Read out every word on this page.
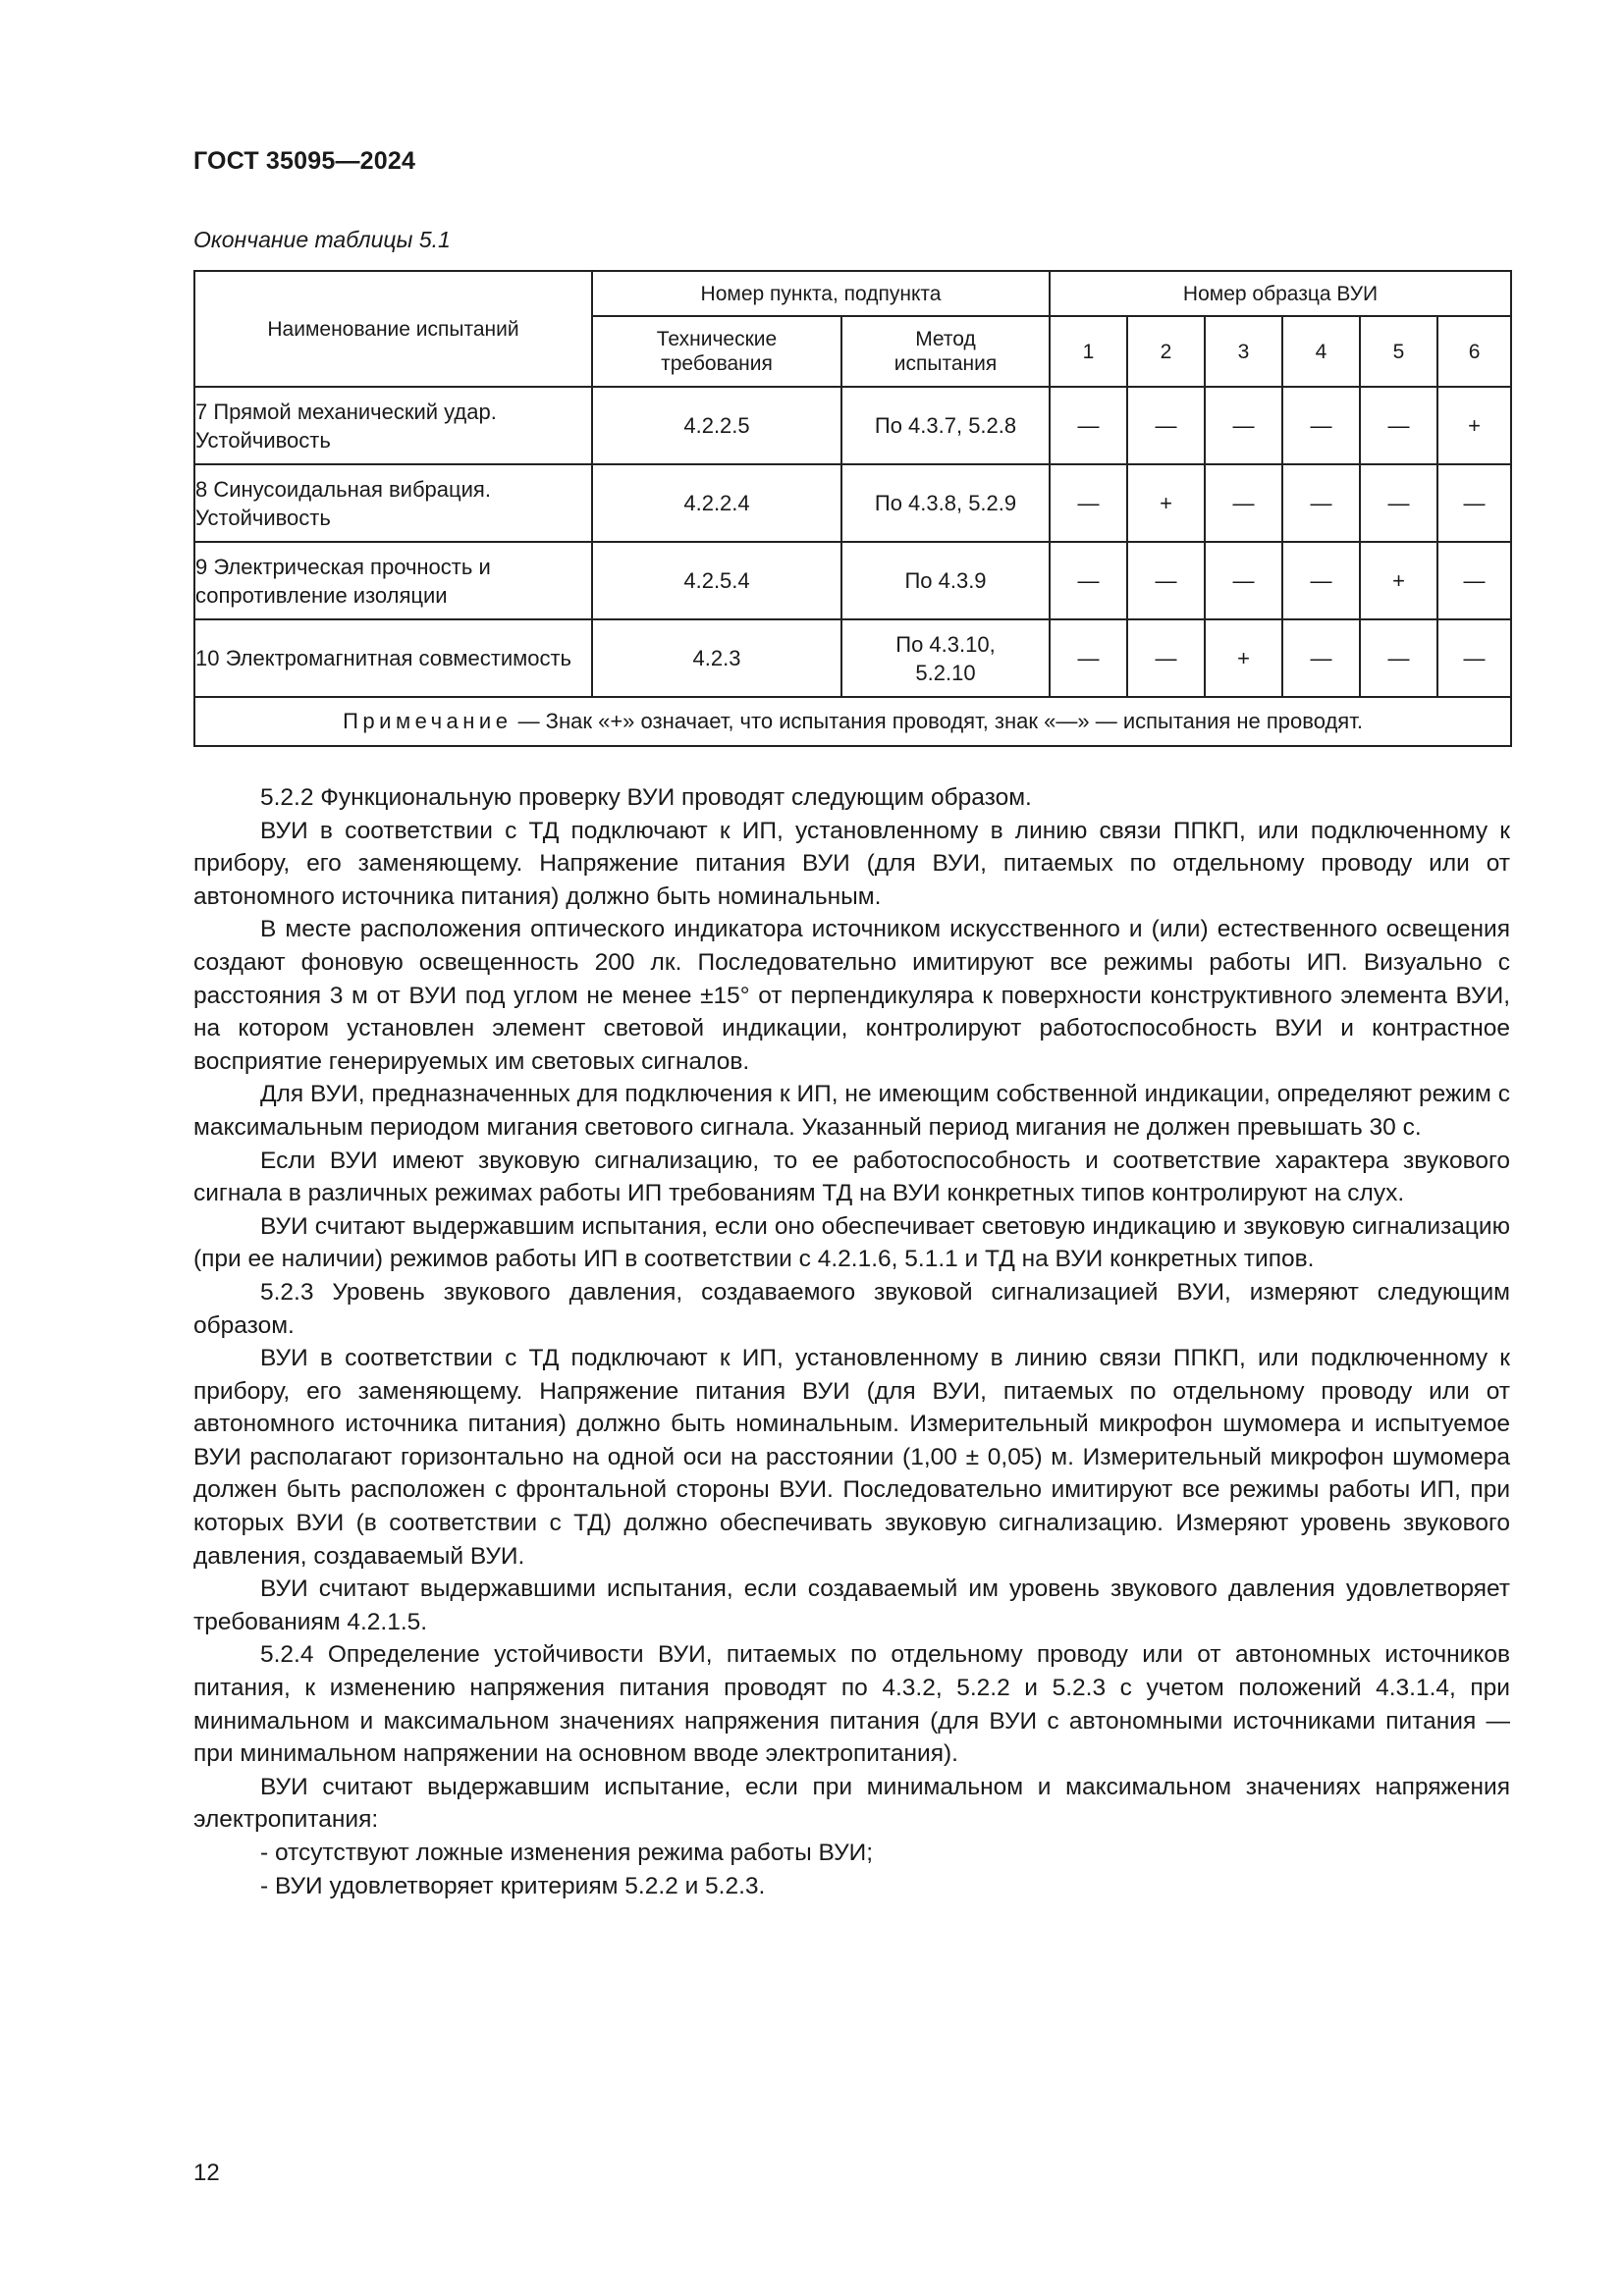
ГОСТ 35095—2024
Окончание таблицы 5.1
Наименование испытаний	Номер пункта, подпункта		Номер образца ВУИ					
	Технические требования	Метод испытания	1	2	3	4	5	6
7 Прямой механический удар. Устойчивость	4.2.2.5	По 4.3.7, 5.2.8	—	—	—	—	—	+
8 Синусоидальная вибрация. Устойчивость	4.2.2.4	По 4.3.8, 5.2.9	—	+	—	—	—	—
9 Электрическая прочность и сопротивление изоляции	4.2.5.4	По 4.3.9	—	—	—	—	+	—
10 Электромагнитная совместимость	4.2.3	По 4.3.10, 5.2.10	—	—	+	—	—	—
Примечание — Знак «+» означает, что испытания проводят, знак «—» — испытания не проводят.								

5.2.2 Функциональную проверку ВУИ проводят следующим образом.

ВУИ в соответствии с ТД подключают к ИП, установленному в линию связи ППКП, или подключенному к прибору, его заменяющему. Напряжение питания ВУИ (для ВУИ, питаемых по отдельному проводу или от автономного источника питания) должно быть номинальным.

В месте расположения оптического индикатора источником искусственного и (или) естественного освещения создают фоновую освещенность 200 лк. Последовательно имитируют все режимы работы ИП. Визуально с расстояния 3 м от ВУИ под углом не менее ±15° от перпендикуляра к поверхности конструктивного элемента ВУИ, на котором установлен элемент световой индикации, контролируют работоспособность ВУИ и контрастное восприятие генерируемых им световых сигналов.

Для ВУИ, предназначенных для подключения к ИП, не имеющим собственной индикации, определяют режим с максимальным периодом мигания светового сигнала. Указанный период мигания не должен превышать 30 с.

Если ВУИ имеют звуковую сигнализацию, то ее работоспособность и соответствие характера звукового сигнала в различных режимах работы ИП требованиям ТД на ВУИ конкретных типов контролируют на слух.

ВУИ считают выдержавшим испытания, если оно обеспечивает световую индикацию и звуковую сигнализацию (при ее наличии) режимов работы ИП в соответствии с 4.2.1.6, 5.1.1 и ТД на ВУИ конкретных типов.

5.2.3 Уровень звукового давления, создаваемого звуковой сигнализацией ВУИ, измеряют следующим образом.

ВУИ в соответствии с ТД подключают к ИП, установленному в линию связи ППКП, или подключенному к прибору, его заменяющему. Напряжение питания ВУИ (для ВУИ, питаемых по отдельному проводу или от автономного источника питания) должно быть номинальным. Измерительный микрофон шумомера и испытуемое ВУИ располагают горизонтально на одной оси на расстоянии (1,00 ± 0,05) м. Измерительный микрофон шумомера должен быть расположен с фронтальной стороны ВУИ. Последовательно имитируют все режимы работы ИП, при которых ВУИ (в соответствии с ТД) должно обеспечивать звуковую сигнализацию. Измеряют уровень звукового давления, создаваемый ВУИ.

ВУИ считают выдержавшими испытания, если создаваемый им уровень звукового давления удовлетворяет требованиям 4.2.1.5.

5.2.4 Определение устойчивости ВУИ, питаемых по отдельному проводу или от автономных источников питания, к изменению напряжения питания проводят по 4.3.2, 5.2.2 и 5.2.3 с учетом положений 4.3.1.4, при минимальном и максимальном значениях напряжения питания (для ВУИ с автономными источниками питания — при минимальном напряжении на основном вводе электропитания).

ВУИ считают выдержавшим испытание, если при минимальном и максимальном значениях напряжения электропитания:

- отсутствуют ложные изменения режима работы ВУИ;
- ВУИ удовлетворяет критериям 5.2.2 и 5.2.3.
12
